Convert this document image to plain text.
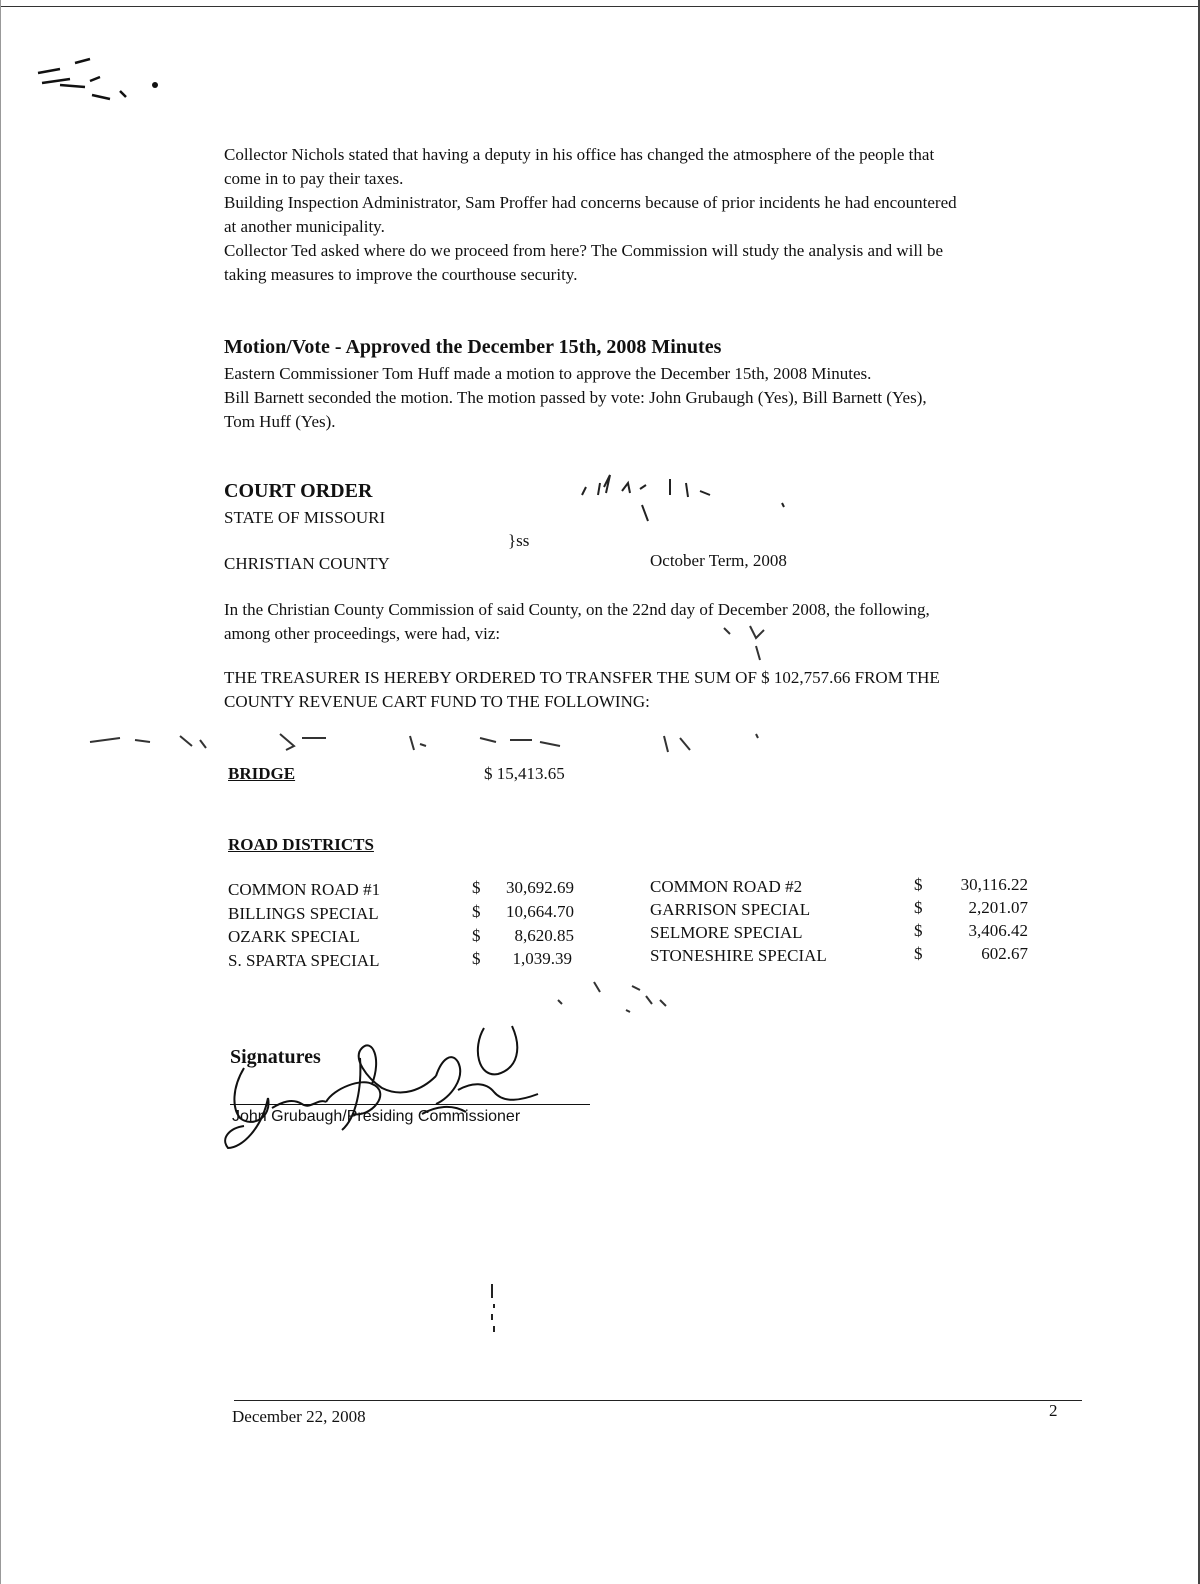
Collector Nichols stated that having a deputy in his office has changed the atmosphere of the people that
come in to pay their taxes.
Building Inspection Administrator, Sam Proffer had concerns because of prior incidents he had encountered
at another municipality.
Collector Ted asked where do we proceed from here? The Commission will study the analysis and will be
taking measures to improve the courthouse security.

Motion/Vote - Approved the December 15th, 2008 Minutes

Eastern Commissioner Tom Huff made a motion to approve the December 15th, 2008 Minutes.
Bill Barnett seconded the motion. The motion passed by vote: John Grubaugh (Yes), Bill Barnett (Yes),
Tom Huff (Yes).

COURT ORDER

STATE OF MISSOURI

}ss

CHRISTIAN COUNTY	October Term, 2008

In the Christian County Commission of said County, on the 22nd day of December 2008, the following,
among other proceedings, were had, viz:

THE TREASURER IS HEREBY ORDERED TO TRANSFER THE SUM OF $ 102,757.66 FROM THE
COUNTY REVENUE CART FUND TO THE FOLLOWING:

BRIDGE	$ 15,413.65

ROAD DISTRICTS

COMMON ROAD #1	$	30,692.69

BILLINGS SPECIAL	$	10,664.70

OZARK SPECIAL	$	8,620.85

S. SPARTA SPECIAL	$	1,039.39

COMMON ROAD #2	$	30,116.22

GARRISON SPECIAL	$	2,201.07

SELMORE SPECIAL	$	3,406.42

STONESHIRE SPECIAL	$	602.67

Signatures
John Grubaugh/Presiding Commissioner
December 22, 2008	2
